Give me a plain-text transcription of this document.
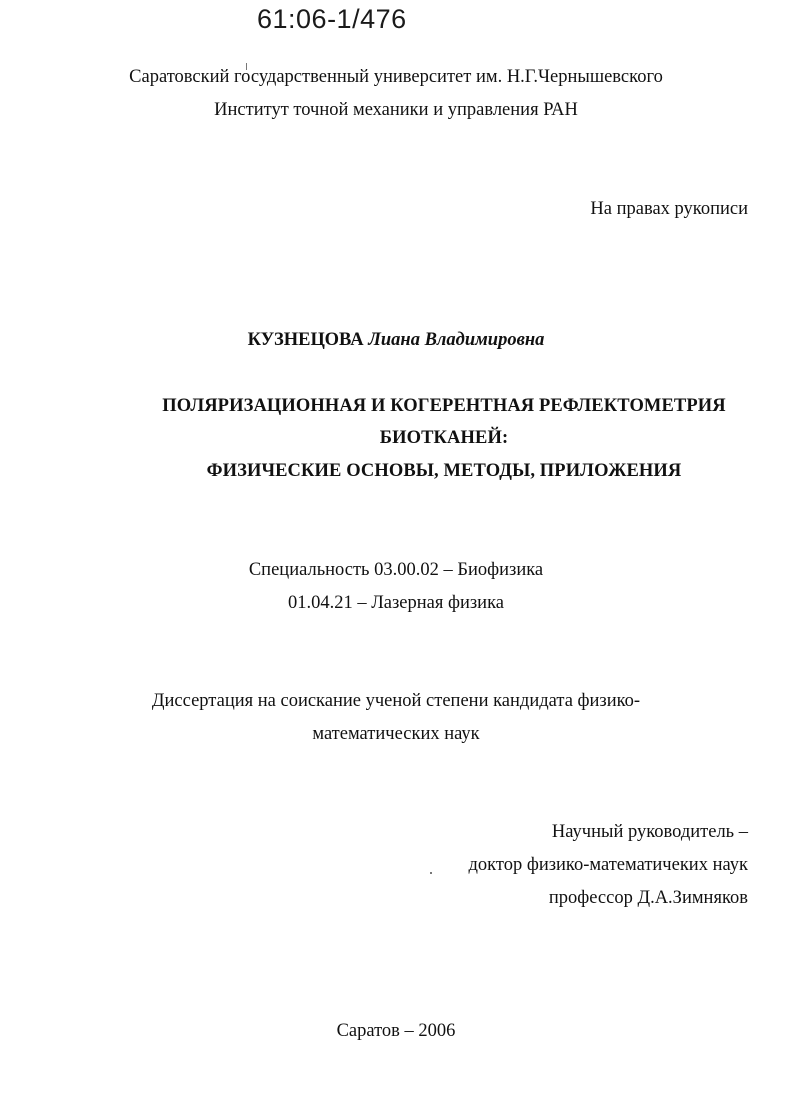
61:06-1/476
Саратовский государственный университет им. Н.Г.Чернышевского
Институт точной механики и управления РАН
На правах рукописи
КУЗНЕЦОВА Лиана Владимировна
ПОЛЯРИЗАЦИОННАЯ И КОГЕРЕНТНАЯ РЕФЛЕКТОМЕТРИЯ
БИОТКАНЕЙ:
ФИЗИЧЕСКИЕ ОСНОВЫ, МЕТОДЫ, ПРИЛОЖЕНИЯ
Специальность 03.00.02 – Биофизика
01.04.21 – Лазерная физика
Диссертация на соискание ученой степени кандидата физико-
математических наук
Научный руководитель –
доктор физико-математичеких наук
профессор Д.А.Зимняков
Саратов – 2006
